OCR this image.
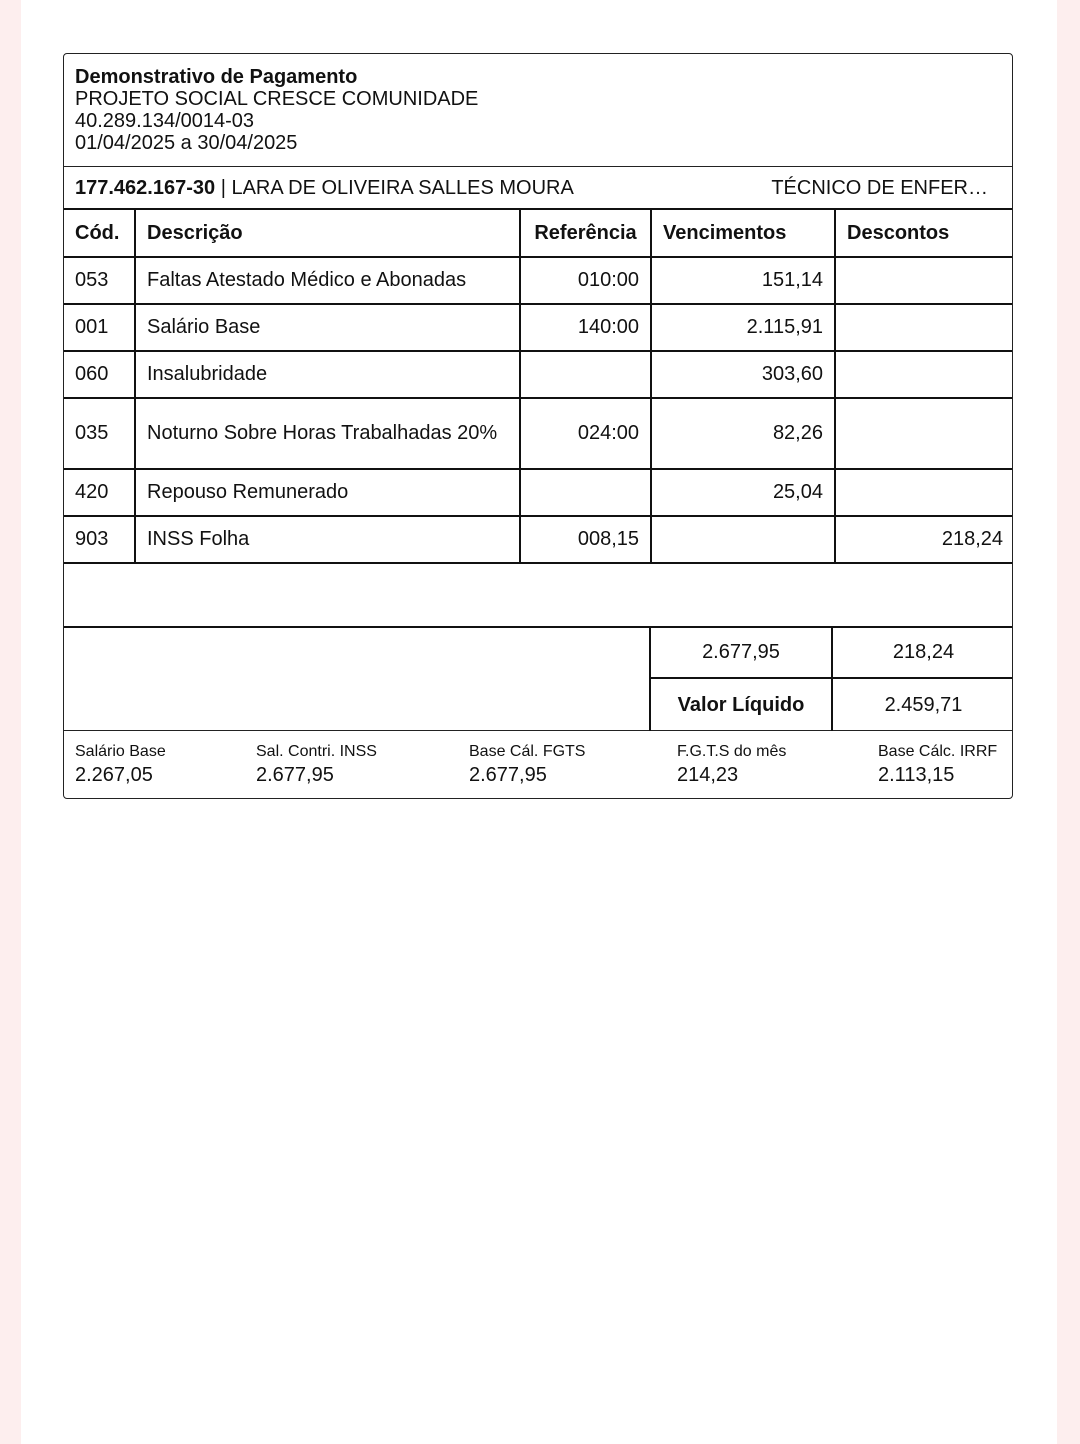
Demonstrativo de Pagamento
PROJETO SOCIAL CRESCE COMUNIDADE
40.289.134/0014-03
01/04/2025 a 30/04/2025
177.462.167-30 | LARA DE OLIVEIRA SALLES MOURA	TÉCNICO DE ENFER…
Cód.	Descrição	Referência	Vencimentos	Descontos
053	Faltas Atestado Médico e Abonadas	010:00	151,14	
001	Salário Base	140:00	2.115,91	
060	Insalubridade		303,60	
035	Noturno Sobre Horas Trabalhadas 20%	024:00	82,26	
420	Repouso Remunerado		25,04	
903	INSS Folha	008,15		218,24

2.677,95	218,24
Valor Líquido	2.459,71
Salário Base
2.267,05
Sal. Contri. INSS
2.677,95
Base Cál. FGTS
2.677,95
F.G.T.S do mês
214,23
Base Cálc. IRRF
2.113,15
